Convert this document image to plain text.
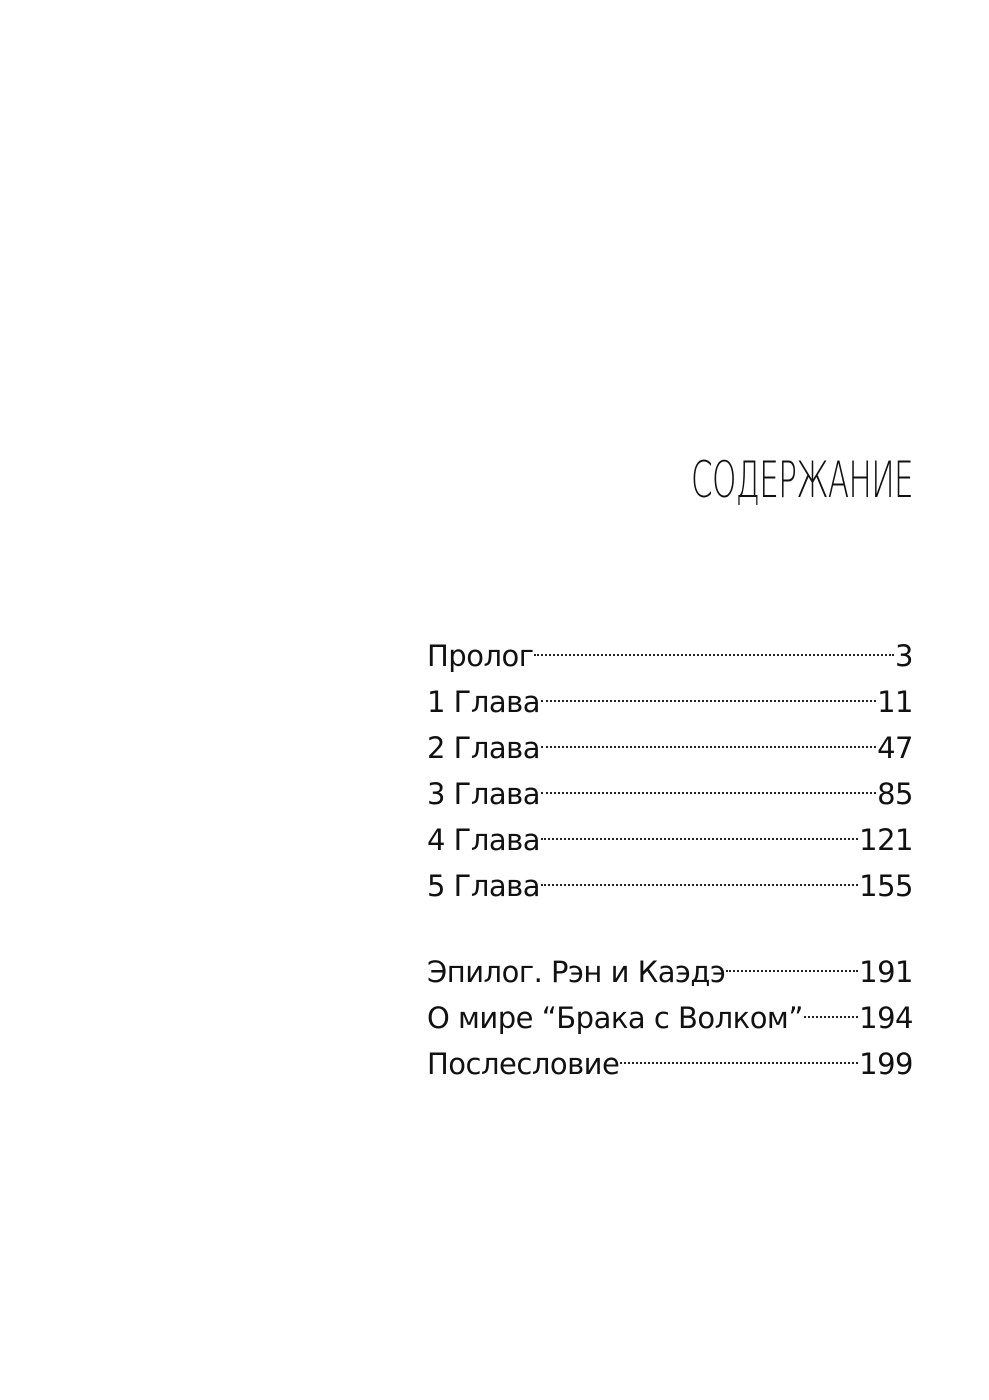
СОДЕРЖАНИЕ
Пролог	3
1 Глава	11
2 Глава	47
3 Глава	85
4 Глава	121
5 Глава	155
Эпилог. Рэн и Каэдэ	191
О мире “Брака с Волком” 194
Послесловие	199
